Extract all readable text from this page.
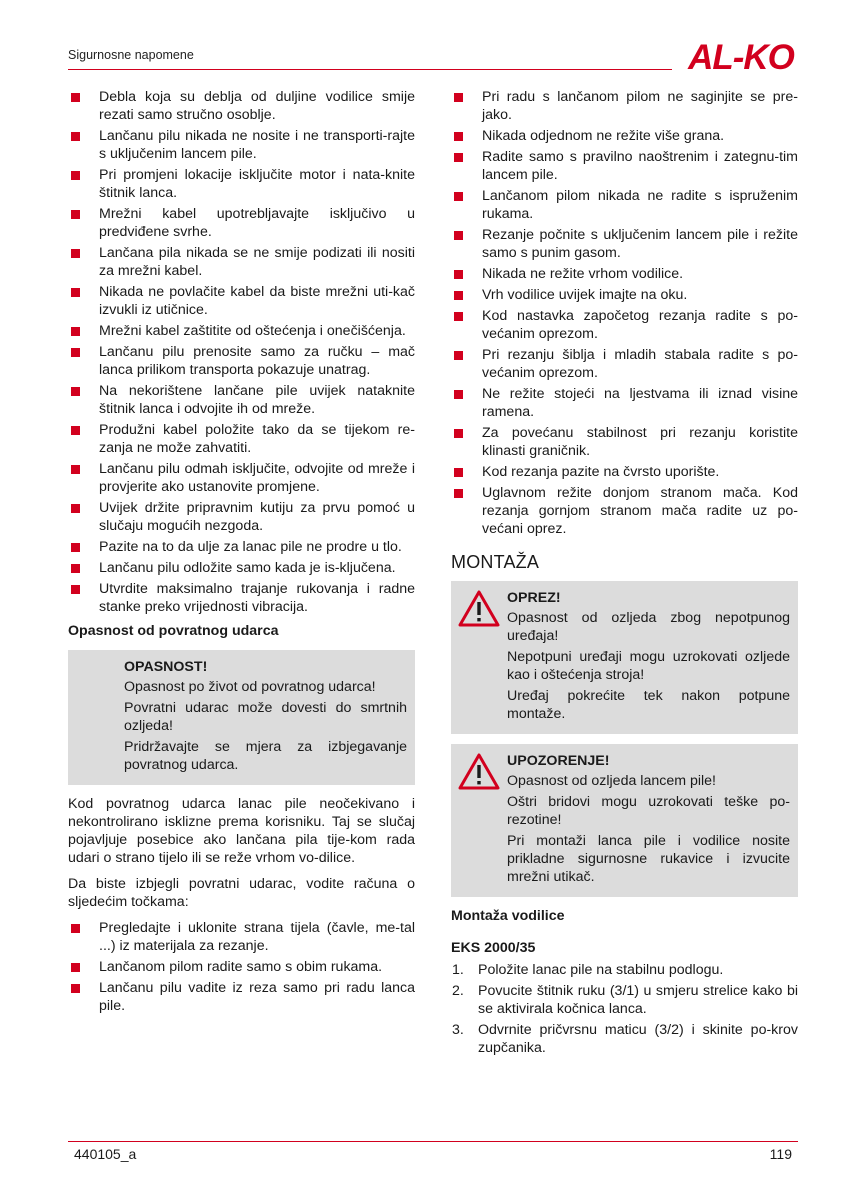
Sigurnosne napomene	AL-KO
Debla koja su deblja od duljine vodilice smije rezati samo stručno osoblje.
Lančanu pilu nikada ne nosite i ne transporti-rajte s uključenim lancem pile.
Pri promjeni lokacije isključite motor i nata-knite štitnik lanca.
Mrežni kabel upotrebljavajte isključivo u predviđene svrhe.
Lančana pila nikada se ne smije podizati ili nositi za mrežni kabel.
Nikada ne povlačite kabel da biste mrežni uti-kač izvukli iz utičnice.
Mrežni kabel zaštitite od oštećenja i onečišćenja.
Lančanu pilu prenosite samo za ručku – mač lanca prilikom transporta pokazuje unatrag.
Na nekorištene lančane pile uvijek nataknite štitnik lanca i odvojite ih od mreže.
Produžni kabel položite tako da se tijekom re-zanja ne može zahvatiti.
Lančanu pilu odmah isključite, odvojite od mreže i provjerite ako ustanovite promjene.
Uvijek držite pripravnim kutiju za prvu pomoć u slučaju mogućih nezgoda.
Pazite na to da ulje za lanac pile ne prodre u tlo.
Lančanu pilu odložite samo kada je is-ključena.
Utvrdite maksimalno trajanje rukovanja i radne stanke preko vrijednosti vibracija.
Opasnost od povratnog udarca
OPASNOST!
Opasnost po život od povratnog udarca!
Povratni udarac može dovesti do smrtnih ozljeda!
Pridržavajte se mjera za izbjegavanje povratnog udarca.

Kod povratnog udarca lanac pile neočekivano i nekontrolirano isklizne prema korisniku. Taj se slučaj pojavljuje posebice ako lančana pila tije-kom rada udari o strano tijelo ili se reže vrhom vo-dilice.

Da biste izbjegli povratni udarac, vodite računa o sljedećim točkama:

Pregledajte i uklonite strana tijela (čavle, me-tal ...) iz materijala za rezanje.
Lančanom pilom radite samo s obim rukama.
Lančanu pilu vadite iz reza samo pri radu lanca pile.
Pri radu s lančanom pilom ne saginjite se pre-jako.
Nikada odjednom ne režite više grana.
Radite samo s pravilno naoštrenim i zategnu-tim lancem pile.
Lančanom pilom nikada ne radite s ispruženim rukama.
Rezanje počnite s uključenim lancem pile i režite samo s punim gasom.
Nikada ne režite vrhom vodilice.
Vrh vodilice uvijek imajte na oku.
Kod nastavka započetog rezanja radite s po-većanim oprezom.
Pri rezanju šiblja i mladih stabala radite s po-većanim oprezom.
Ne režite stojeći na ljestvama ili iznad visine ramena.
Za povećanu stabilnost pri rezanju koristite klinasti graničnik.
Kod rezanja pazite na čvrsto uporište.
Uglavnom režite donjom stranom mača. Kod rezanja gornjom stranom mača radite uz po-većani oprez.
MONTAŽA
OPREZ!
Opasnost od ozljeda zbog nepotpunog uređaja!
Nepotpuni uređaji mogu uzrokovati ozljede kao i oštećenja stroja!
Uređaj pokrećite tek nakon potpune montaže.
UPOZORENJE!
Opasnost od ozljeda lancem pile!
Oštri bridovi mogu uzrokovati teške po-rezotine!
Pri montaži lanca pile i vodilice nosite prikladne sigurnosne rukavice i izvucite mrežni utikač.
Montaža vodilice
EKS 2000/35
1. Položite lanac pile na stabilnu podlogu.
2. Povucite štitnik ruku (3/1) u smjeru strelice kako bi se aktivirala kočnica lanca.
3. Odvrnite pričvrsnu maticu (3/2) i skinite po-krov zupčanika.
440105_a	119
